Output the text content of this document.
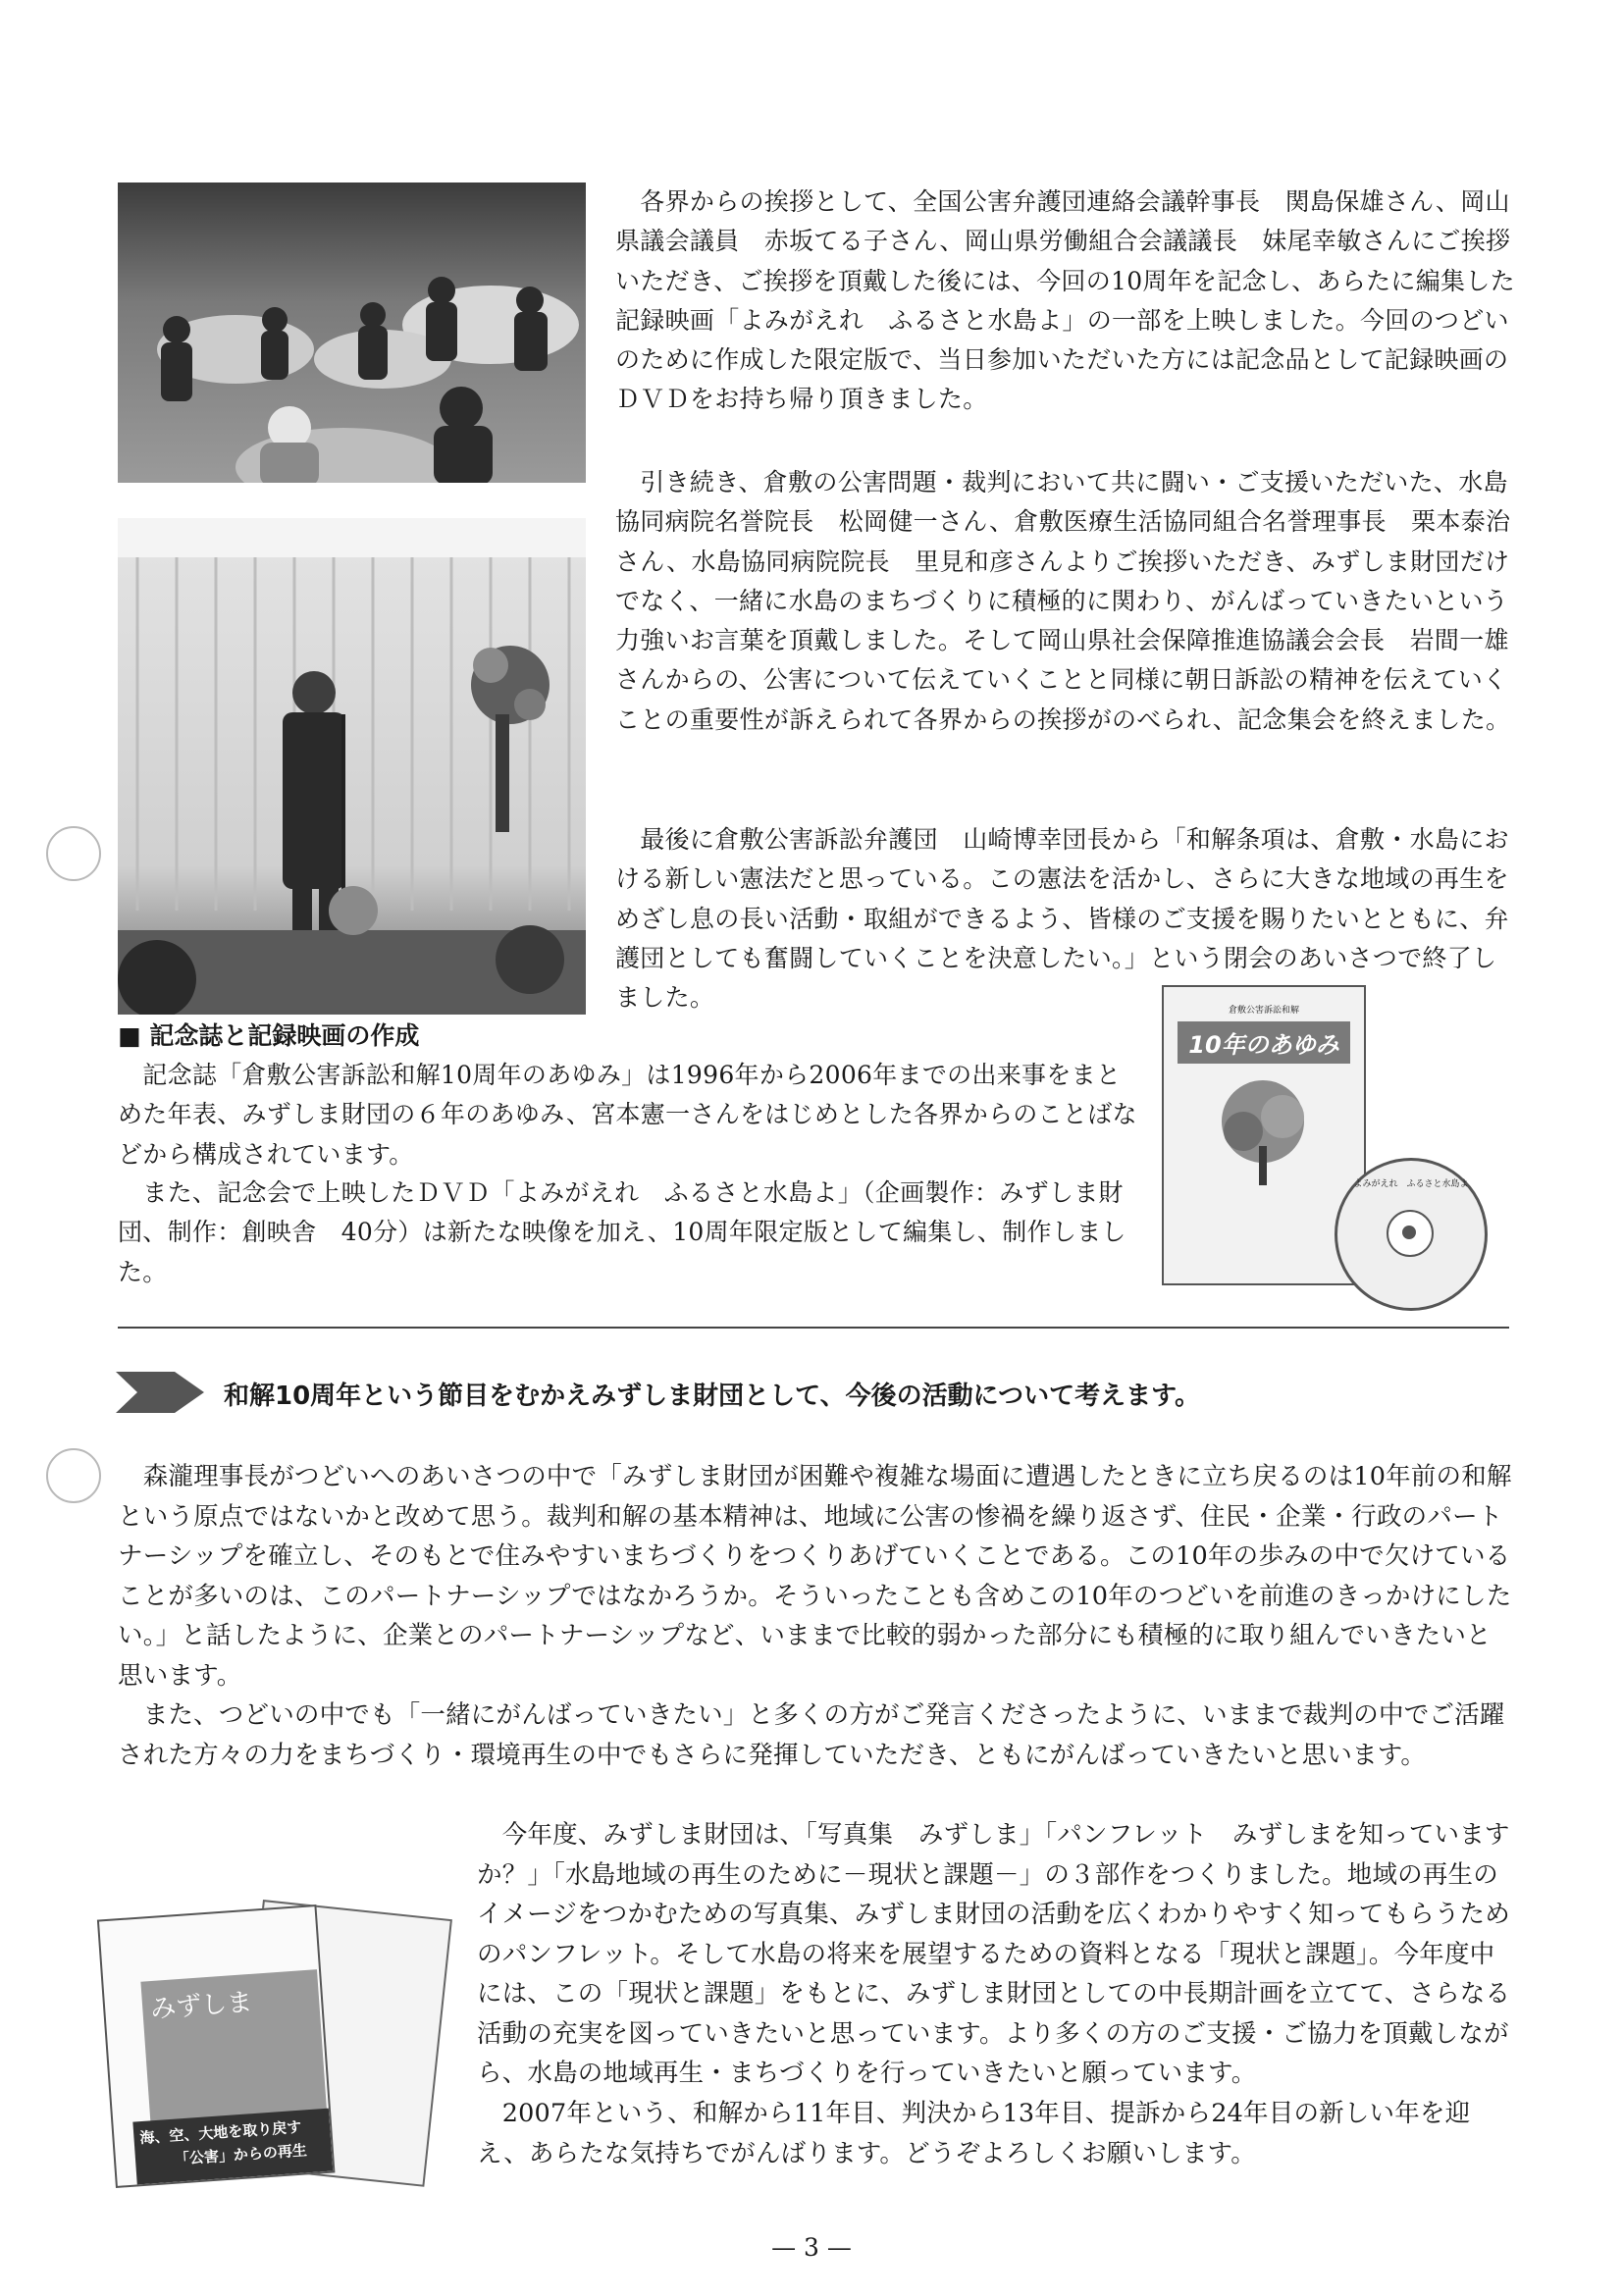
　各界からの挨拶として、全国公害弁護団連絡会議幹事長　関島保雄さん、岡山県議会議員　赤坂てる子さん、岡山県労働組合会議議長　妹尾幸敏さんにご挨拶いただき、ご挨拶を頂戴した後には、今回の10周年を記念し、あらたに編集した記録映画「よみがえれ　ふるさと水島よ」の一部を上映しました。今回のつどいのために作成した限定版で、当日参加いただいた方には記念品として記録映画のＤＶＤをお持ち帰り頂きました。

　引き続き、倉敷の公害問題・裁判において共に闘い・ご支援いただいた、水島協同病院名誉院長　松岡健一さん、倉敷医療生活協同組合名誉理事長　栗本泰治さん、水島協同病院院長　里見和彦さんよりご挨拶いただき、みずしま財団だけでなく、一緒に水島のまちづくりに積極的に関わり、がんばっていきたいという力強いお言葉を頂戴しました。そして岡山県社会保障推進協議会会長　岩間一雄さんからの、公害について伝えていくことと同様に朝日訴訟の精神を伝えていくことの重要性が訴えられて各界からの挨拶がのべられ、記念集会を終えました。

　最後に倉敷公害訴訟弁護団　山崎博幸団長から「和解条項は、倉敷・水島における新しい憲法だと思っている。この憲法を活かし、さらに大きな地域の再生をめざし息の長い活動・取組ができるよう、皆様のご支援を賜りたいとともに、弁護団としても奮闘していくことを決意したい。」という閉会のあいさつで終了しました。

■ 記念誌と記録映画の作成

　記念誌「倉敷公害訴訟和解10周年のあゆみ」は1996年から2006年までの出来事をまとめた年表、みずしま財団の６年のあゆみ、宮本憲一さんをはじめとした各界からのことばなどから構成されています。

　また、記念会で上映したＤＶＤ「よみがえれ　ふるさと水島よ」（企画製作：みずしま財団、制作：創映舎　40分）は新たな映像を加え、10周年限定版として編集し、制作しました。

倉敷公害訴訟和解
10年のあゆみ
よみがえれ　ふるさと水島よ
和解10周年という節目をむかえみずしま財団として、今後の活動について考えます。

　森瀧理事長がつどいへのあいさつの中で「みずしま財団が困難や複雑な場面に遭遇したときに立ち戻るのは10年前の和解という原点ではないかと改めて思う。裁判和解の基本精神は、地域に公害の惨禍を繰り返さず、住民・企業・行政のパートナーシップを確立し、そのもとで住みやすいまちづくりをつくりあげていくことである。この10年の歩みの中で欠けていることが多いのは、このパートナーシップではなかろうか。そういったことも含めこの10年のつどいを前進のきっかけにしたい。」と話したように、企業とのパートナーシップなど、いままで比較的弱かった部分にも積極的に取り組んでいきたいと思います。

　また、つどいの中でも「一緒にがんばっていきたい」と多くの方がご発言くださったように、いままで裁判の中でご活躍された方々の力をまちづくり・環境再生の中でもさらに発揮していただき、ともにがんばっていきたいと思います。

　今年度、みずしま財団は、「写真集　みずしま」「パンフレット　みずしまを知っていますか？」「水島地域の再生のために－現状と課題－」の３部作をつくりました。地域の再生のイメージをつかむための写真集、みずしま財団の活動を広くわかりやすく知ってもらうためのパンフレット。そして水島の将来を展望するための資料となる「現状と課題」。今年度中には、この「現状と課題」をもとに、みずしま財団としての中長期計画を立てて、さらなる活動の充実を図っていきたいと思っています。より多くの方のご支援・ご協力を頂戴しながら、水島の地域再生・まちづくりを行っていきたいと願っています。

　2007年という、和解から11年目、判決から13年目、提訴から24年目の新しい年を迎え、あらたな気持ちでがんばります。どうぞよろしくお願いします。

みずしま
海、空、大地を取り戻す
「公害」からの再生
— 3 —
